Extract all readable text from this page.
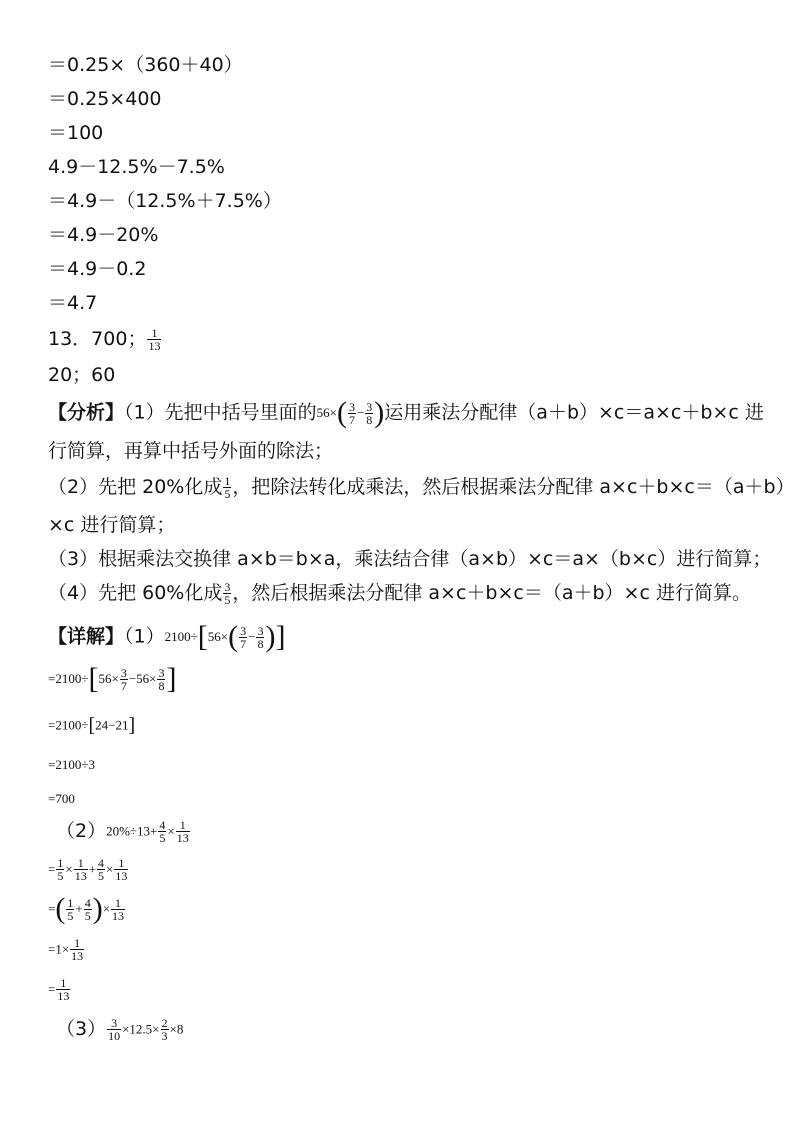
＝0.25×（360＋40）
＝0.25×400
＝100
4.9－12.5%－7.5%
＝4.9－（12.5%＋7.5%）
＝4.9－20%
＝4.9－0.2
＝4.7
13．700； $\frac{1}{13}$
20；60
【分析】（1）先把中括号里面的$56\times( \frac{3}{7} - \frac{3}{8}$ )运用乘法分配律（a＋b）×c＝a×c＋b×c 进
行简算，再算中括号外面的除法；
（2）先把 20%化成 $\frac{1}{5}$ ，把除法转化成乘法，然后根据乘法分配律 a×c＋b×c＝（a＋b）
×c 进行简算；
（3）根据乘法交换律 a×b＝b×a，乘法结合律（a×b）×c＝a×（b×c）进行简算；
（4）先把 60%化成 $\frac{3}{5}$ ，然后根据乘法分配律 a×c＋b×c＝（a＋b）×c 进行简算。
【详解】$(1)2100\div[56\times( \frac{3}{7} - \frac{3}{8}$ )]
$=2100\div[56\times \frac{3}{7} -56\times \frac{3}{8}$ ]
=2100÷[24−21]
=2100÷3
=700
$(2)20\%\div 13+ \frac{4}{5} \times \frac{1}{13}$
= $\frac{1}{5} \times \frac{1}{13} + \frac{4}{5} \times \frac{1}{13}$
=( $\frac{1}{5} + \frac{4}{5}$ )× $\frac{1}{13}$
$=1\times \frac{1}{13}$
= $\frac{1}{13}$
$(3) \frac{3}{10} \times 12.5\times \frac{2}{3} \times 8$
